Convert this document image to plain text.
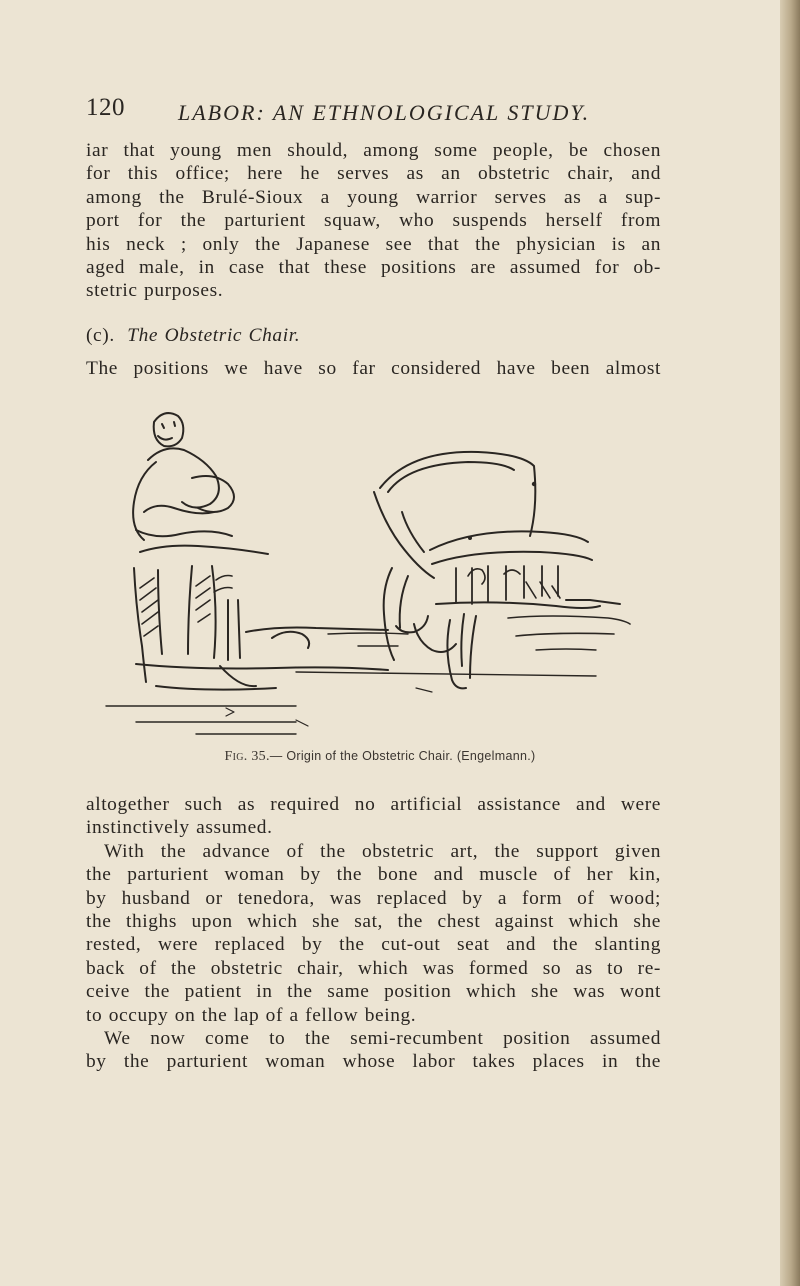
120 LABOR: AN ETHNOLOGICAL STUDY.
iar that young men should, among some people, be chosen
for this office; here he serves as an obstetric chair, and
among the Brulé-Sioux a young warrior serves as a sup-
port for the parturient squaw, who suspends herself from
his neck ; only the Japanese see that the physician is an
aged male, in case that these positions are assumed for ob-
stetric purposes.
(c). The Obstetric Chair.
The positions we have so far considered have been almost
Fig. 35.— Origin of the Obstetric Chair. (Engelmann.)
altogether such as required no artificial assistance and were
instinctively assumed.
With the advance of the obstetric art, the support given
the parturient woman by the bone and muscle of her kin,
by husband or tenedora, was replaced by a form of wood;
the thighs upon which she sat, the chest against which she
rested, were replaced by the cut-out seat and the slanting
back of the obstetric chair, which was formed so as to re-
ceive the patient in the same position which she was wont
to occupy on the lap of a fellow being.
We now come to the semi-recumbent position assumed
by the parturient woman whose labor takes places in the
